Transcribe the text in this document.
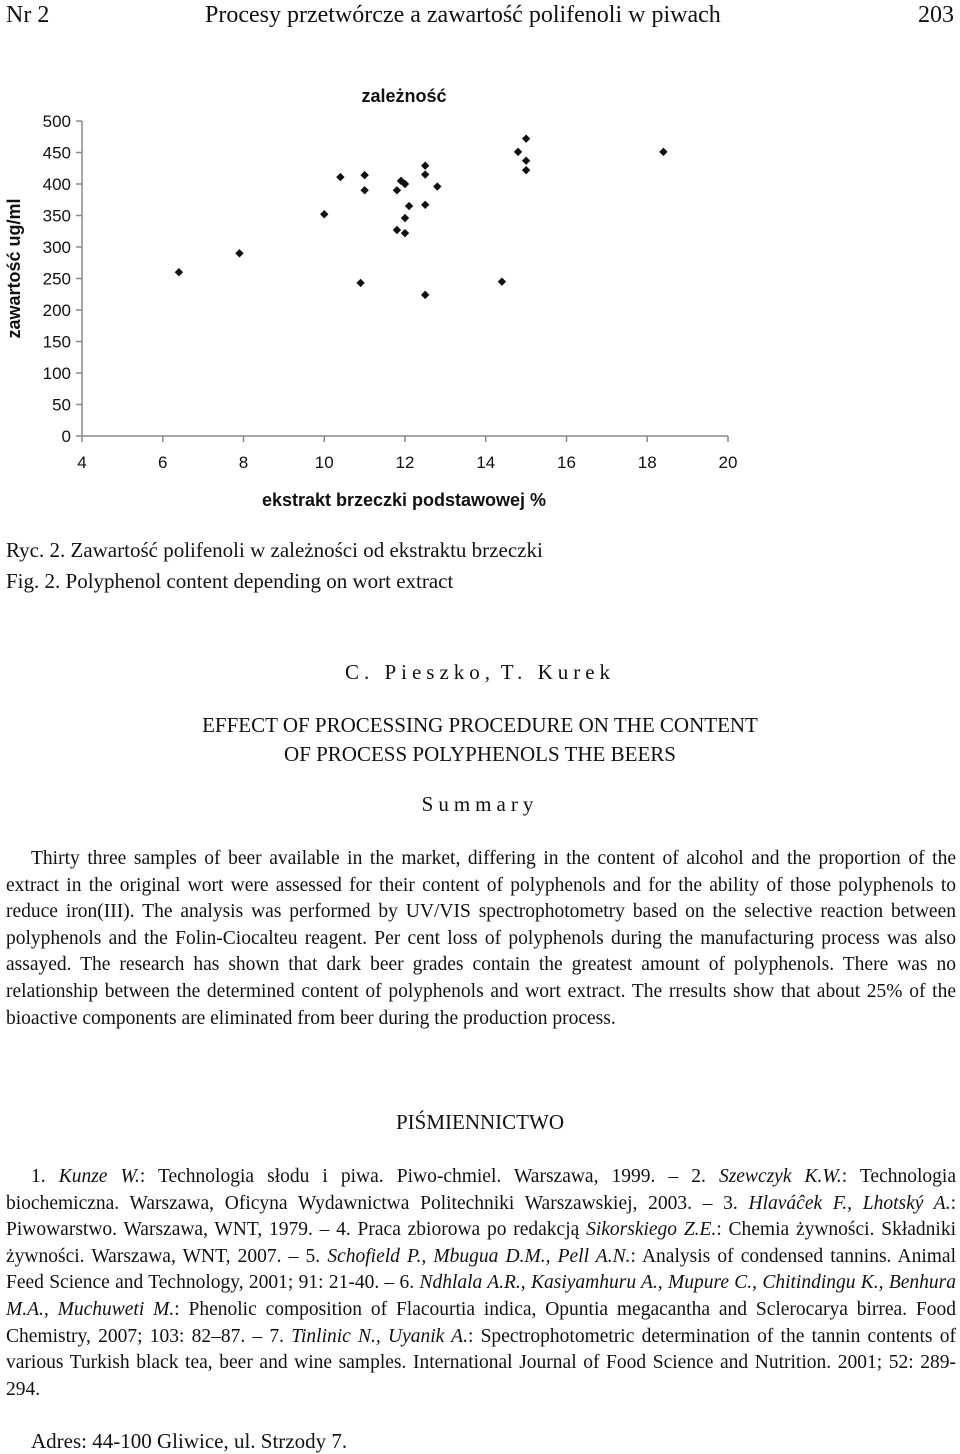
Nr 2	Procesy przetwórcze a zawartość polifenoli w piwach	203
0
50
100
150
200
250
300
350
400
450
500
4	6	8	10	12	14	16	18	20
zależność
ekstrakt brzeczki podstawowej %
zawartość ug/ml
Ryc. 2. Zawartość polifenoli w zależności od ekstraktu brzeczki
Fig. 2. Polyphenol content depending on wort extract
C. Pieszko, T. Kurek
EFFECT OF PROCESSING PROCEDURE ON THE CONTENT
OF PROCESS POLYPHENOLS THE BEERS
Summary
Thirty three samples of beer available in the market, differing in the content of alcohol and the proportion of the extract in the original wort were assessed for their content of polyphenols and for the ability of those polyphenols to reduce iron(III). The analysis was performed by UV/VIS spectrophotometry based on the selective reaction between polyphenols and the Folin-Ciocalteu reagent. Per cent loss of polyphenols during the manufacturing process was also assayed. The research has shown that dark beer grades contain the greatest amount of polyphenols. There was no relationship between the determined content of polyphenols and wort extract. The rresults show that about 25% of the bioactive components are eliminated from beer during the production process.
PIŚMIENNICTWO
1. Kunze W.: Technologia słodu i piwa. Piwo-chmiel. Warszawa, 1999. – 2. Szewczyk K.W.: Technologia biochemiczna. Warszawa, Oficyna Wydawnictwa Politechniki Warszawskiej, 2003. – 3. Hlaváĉek F., Lhotský A.: Piwowarstwo. Warszawa, WNT, 1979. – 4. Praca zbiorowa po redakcją Sikorskiego Z.E.: Chemia żywności. Składniki żywności. Warszawa, WNT, 2007. – 5. Schofield P., Mbugua D.M., Pell A.N.: Analysis of condensed tannins. Animal Feed Science and Technology, 2001; 91: 21-40. – 6. Ndhlala A.R., Kasiyamhuru A., Mupure C., Chitindingu K., Benhura M.A., Muchuweti M.: Phenolic composition of Flacourtia indica, Opuntia megacantha and Sclerocarya birrea. Food Chemistry, 2007; 103: 82–87. – 7. Tinlinic N., Uyanik A.: Spectrophotometric determination of the tannin contents of various Turkish black tea, beer and wine samples. International Journal of Food Science and Nutrition. 2001; 52: 289-294.
Adres: 44-100 Gliwice, ul. Strzody 7.
